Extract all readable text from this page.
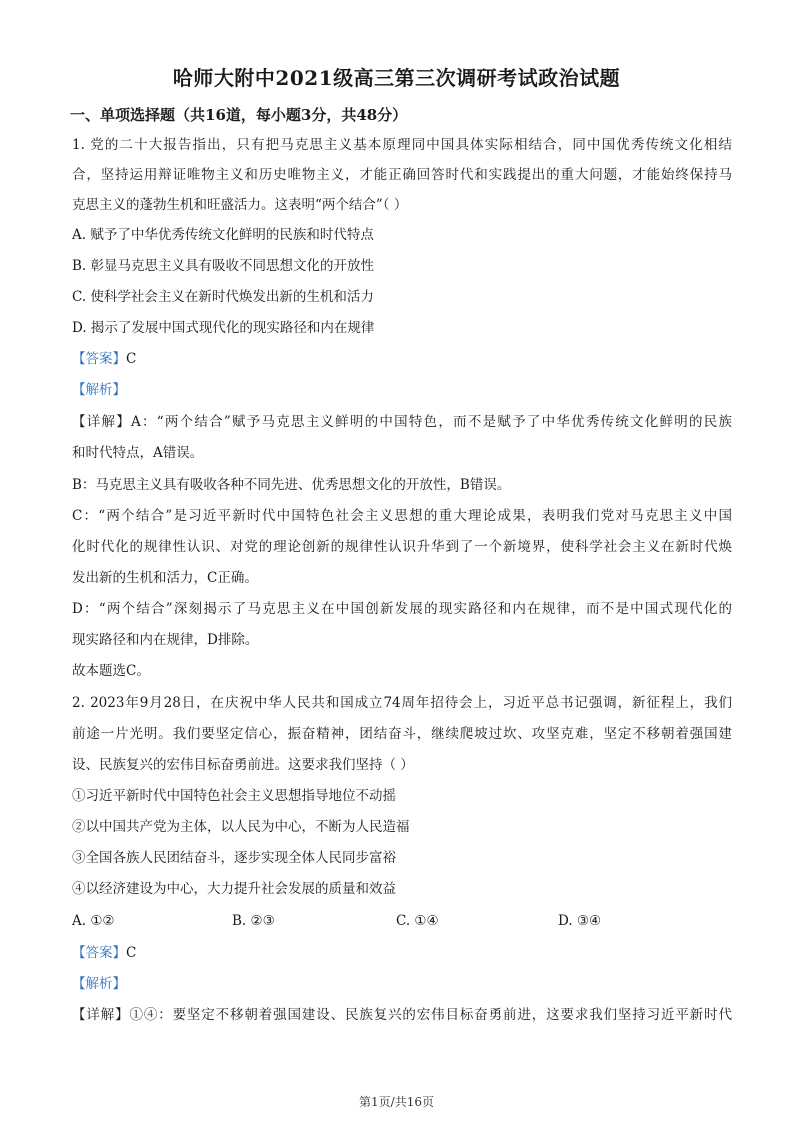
哈师大附中2021级高三第三次调研考试政治试题
一、单项选择题（共16道，每小题3分，共48分）
1. 党的二十大报告指出，只有把马克思主义基本原理同中国具体实际相结合，同中国优秀传统文化相结
合，坚持运用辩证唯物主义和历史唯物主义，才能正确回答时代和实践提出的重大问题，才能始终保持马
克思主义的蓬勃生机和旺盛活力。这表明“两个结合”（ ）
A. 赋予了中华优秀传统文化鲜明的民族和时代特点
B. 彰显马克思主义具有吸收不同思想文化的开放性
C. 使科学社会主义在新时代焕发出新的生机和活力
D. 揭示了发展中国式现代化的现实路径和内在规律
【答案】C
【解析】
【详解】A：“两个结合”赋予马克思主义鲜明的中国特色，而不是赋予了中华优秀传统文化鲜明的民族
和时代特点，A错误。
B：马克思主义具有吸收各种不同先进、优秀思想文化的开放性，B错误。
C：“两个结合”是习近平新时代中国特色社会主义思想的重大理论成果，表明我们党对马克思主义中国
化时代化的规律性认识、对党的理论创新的规律性认识升华到了一个新境界，使科学社会主义在新时代焕
发出新的生机和活力，C正确。
D：“两个结合”深刻揭示了马克思主义在中国创新发展的现实路径和内在规律，而不是中国式现代化的
现实路径和内在规律，D排除。
故本题选C。
2. 2023年9月28日，在庆祝中华人民共和国成立74周年招待会上，习近平总书记强调，新征程上，我们
前途一片光明。我们要坚定信心，振奋精神，团结奋斗，继续爬坡过坎、攻坚克难，坚定不移朝着强国建
设、民族复兴的宏伟目标奋勇前进。这要求我们坚持（ ）
①习近平新时代中国特色社会主义思想指导地位不动摇
②以中国共产党为主体，以人民为中心，不断为人民造福
③全国各族人民团结奋斗，逐步实现全体人民同步富裕
④以经济建设为中心，大力提升社会发展的质量和效益
A. ①②	B. ②③	C. ①④	D. ③④
【答案】C
【解析】
【详解】①④：要坚定不移朝着强国建设、民族复兴的宏伟目标奋勇前进，这要求我们坚持习近平新时代
第1页/共16页
